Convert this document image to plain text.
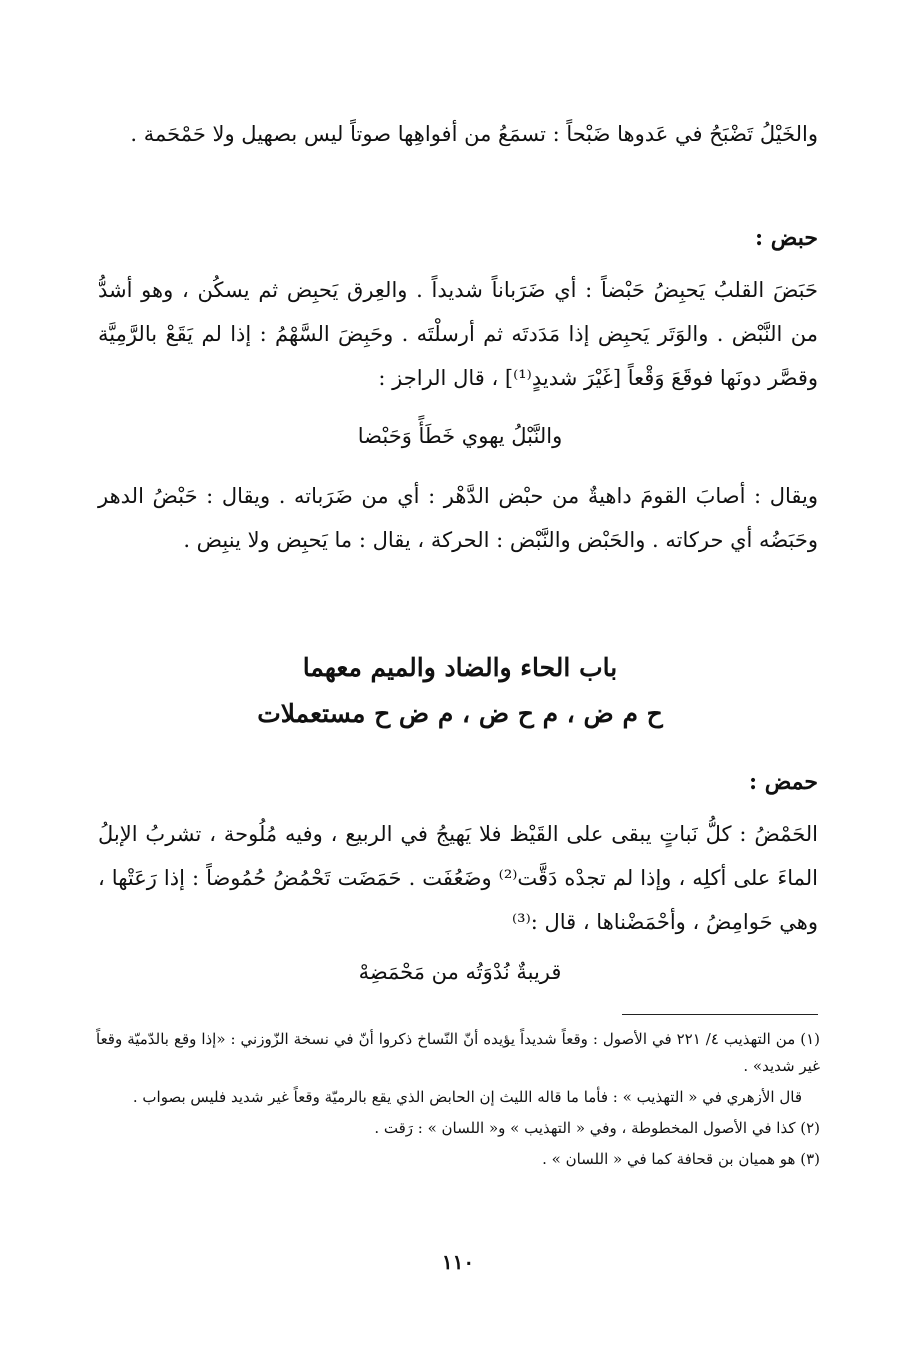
والخَيْلُ تَضْبَحُ في عَدوها ضَبْحاً : تسمَعُ من أفواهِها صوتاً ليس بصهيل ولا حَمْحَمة .

حبض :

حَبَضَ القلبُ يَحبِضُ حَبْضاً : أي ضَرَباناً شديداً . والعِرق يَحبِض ثم يسكُن ، وهو أشدُّ من النَّبْض . والوَتَر يَحبِض إذا مَدَدتَه ثم أرسلْتَه . وحَبِضَ السَّهْمُ : إذا لم يَقَعْ بالرَّمِيَّة وقصَّر دونَها فوقَعَ وَقْعاً [غَيْرَ شديدٍ⁽¹⁾] ، قال الراجز :

والنَّبْلُ يهوي خَطَأً وَحَبْضا

ويقال : أصابَ القومَ داهيةٌ من حبْض الدَّهْر : أي من ضَرَباته . ويقال : حَبْضُ الدهر وحَبَضُه أي حركاته . والحَبْض والنَّبْض : الحركة ، يقال : ما يَحبِض ولا ينبِض .

باب الحاء والضاد والميم معهما
ح م ض ، م ح ض ، م ض ح مستعملات
حمض :

الحَمْضُ : كلُّ نَباتٍ يبقى على القَيْظ فلا يَهيجُ في الربيع ، وفيه مُلُوحة ، تشربُ الإبلُ الماءَ على أكلِه ، وإذا لم تجدْه دَقَّت⁽²⁾ وضَعُفَت . حَمَضَت تَحْمُضُ حُمُوضاً : إذا رَعَتْها ، وهي حَوامِضُ ، وأحْمَضْناها ، قال :⁽³⁾

قريبةٌ نُدْوَتُه من مَحْمَضِهْ

(١) من التهذيب ٤/ ٢٢١ في الأصول : وقعاً شديداً يؤيده أنّ النّساخ ذكروا أنّ في نسخة الزّوزني : «إذا وقع بالدّميّة وقعاً غير شديد» .

قال الأزهري في « التهذيب » : فأما ما قاله الليث إن الحابض الذي يقع بالرميّة وقعاً غير شديد فليس بصواب .

(٢) كذا في الأصول المخطوطة ، وفي « التهذيب » و« اللسان » : رَقت .

(٣) هو هميان بن قحافة كما في « اللسان » .

١١٠
